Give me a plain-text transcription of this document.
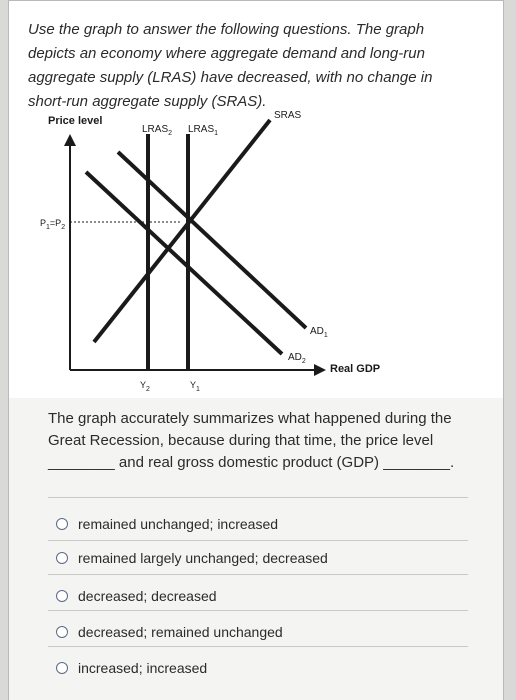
Use the graph to answer the following questions. The graph depicts an economy where aggregate demand and long-run aggregate supply (LRAS) have decreased, with no change in short-run aggregate supply (SRAS).

Price level
Real GDP
$P_1=P_2$
$LRAS_2$ $LRAS_1$
SRAS
$AD_1$
$AD_2$
$Y_2$	$Y_1$

The graph accurately summarizes what happened during the Great Recession, because during that time, the price level
________ and real gross domestic product (GDP) ________.

remained unchanged; increased
remained largely unchanged; decreased
decreased; decreased
decreased; remained unchanged
increased; increased
